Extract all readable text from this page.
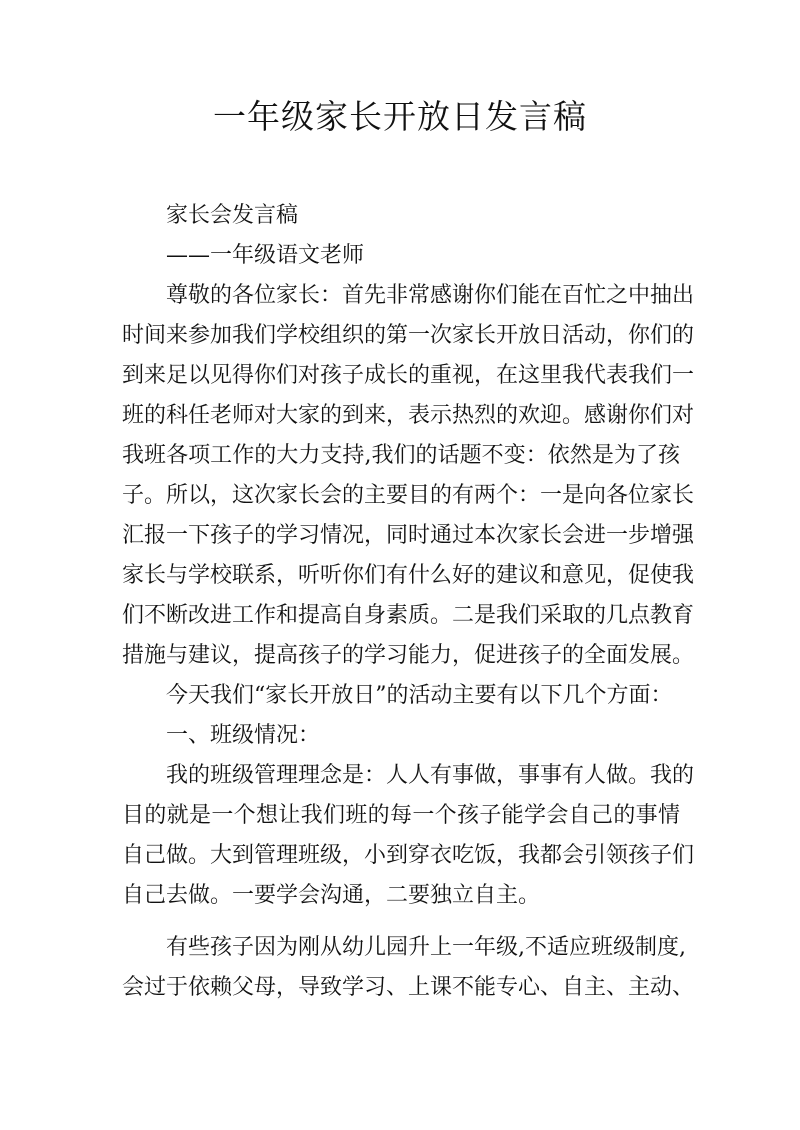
一年级家长开放日发言稿
家长会发言稿
——一年级语文老师
尊敬的各位家长：首先非常感谢你们能在百忙之中抽出
时间来参加我们学校组织的第一次家长开放日活动，你们的
到来足以见得你们对孩子成长的重视，在这里我代表我们一
班的科任老师对大家的到来，表示热烈的欢迎。感谢你们对
我班各项工作的大力支持,我们的话题不变：依然是为了孩
子。所以，这次家长会的主要目的有两个：一是向各位家长
汇报一下孩子的学习情况，同时通过本次家长会进一步增强
家长与学校联系，听听你们有什么好的建议和意见，促使我
们不断改进工作和提高自身素质。二是我们采取的几点教育
措施与建议，提高孩子的学习能力，促进孩子的全面发展。
今天我们“家长开放日”的活动主要有以下几个方面：
一、班级情况：
我的班级管理理念是：人人有事做，事事有人做。我的
目的就是一个想让我们班的每一个孩子能学会自己的事情
自己做。大到管理班级，小到穿衣吃饭，我都会引领孩子们
自己去做。一要学会沟通，二要独立自主。
有些孩子因为刚从幼儿园升上一年级,不适应班级制度,
会过于依赖父母，导致学习、上课不能专心、自主、主动、
